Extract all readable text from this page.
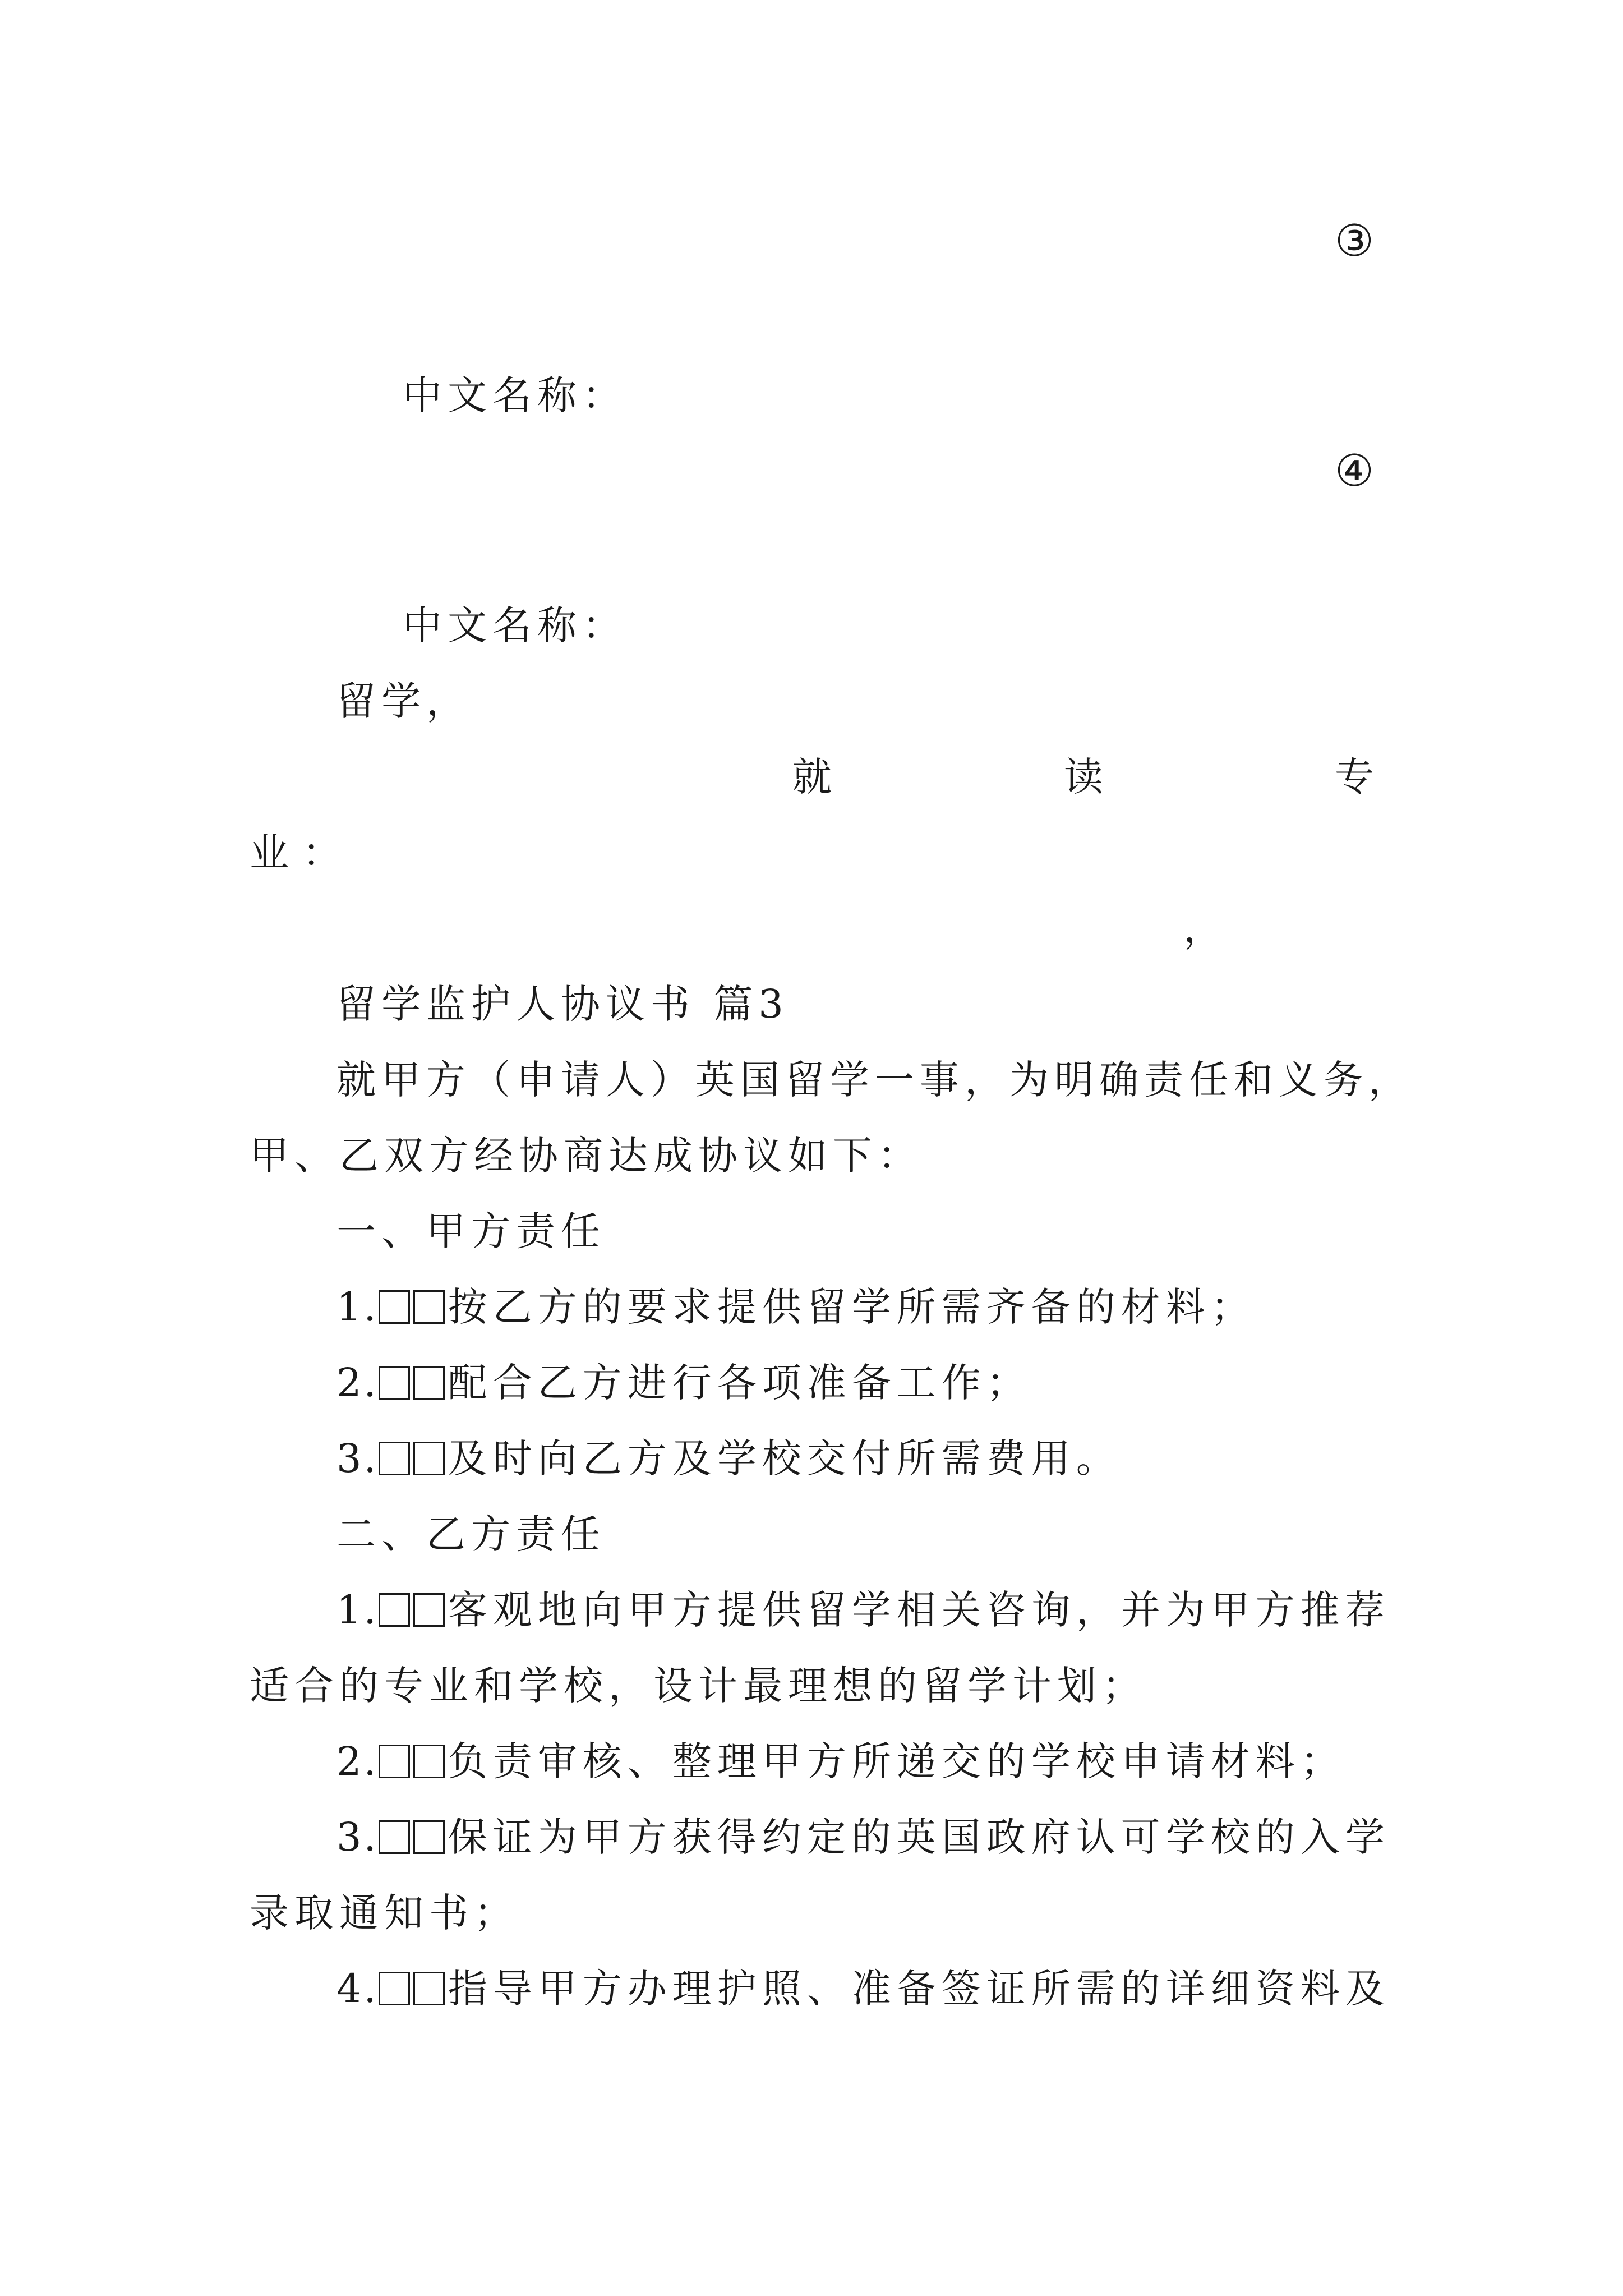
③
中文名称：
④
中文名称：
留学，
就	读	专
业：
，
留学监护人协议书 篇3
就甲方（申请人）英国留学一事，为明确责任和义务，
甲、乙双方经协商达成协议如下：
一、甲方责任
1. 按乙方的要求提供留学所需齐备的材料；
2. 配合乙方进行各项准备工作；
3. 及时向乙方及学校交付所需费用。
二、乙方责任
1. 客观地向甲方提供留学相关咨询，并为甲方推荐
适合的专业和学校，设计最理想的留学计划；
2. 负责审核、整理甲方所递交的学校申请材料；
3. 保证为甲方获得约定的英国政府认可学校的入学
录取通知书；
4. 指导甲方办理护照、准备签证所需的详细资料及
